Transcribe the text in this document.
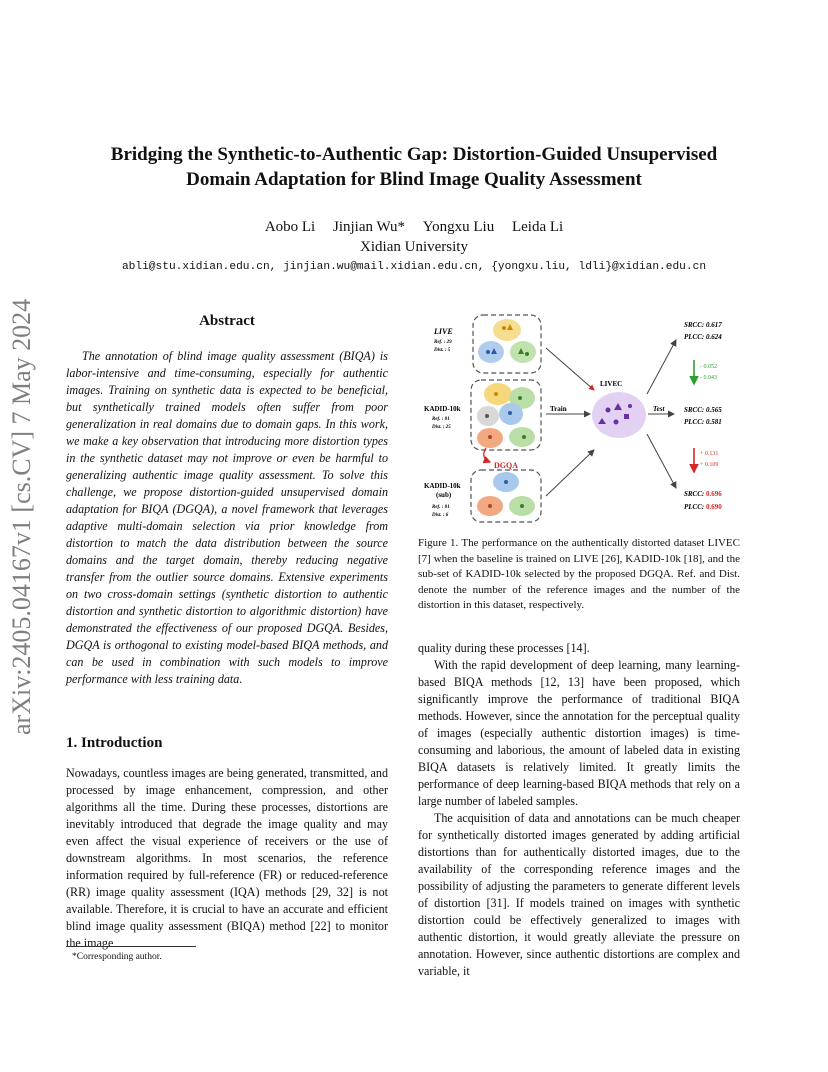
arXiv:2405.04167v1 [cs.CV] 7 May 2024
Bridging the Synthetic-to-Authentic Gap: Distortion-Guided Unsupervised
Domain Adaptation for Blind Image Quality Assessment
Aobo Li Jinjian Wu* Yongxu Liu Leida Li
Xidian University
abli@stu.xidian.edu.cn, jinjian.wu@mail.xidian.edu.cn, {yongxu.liu, ldli}@xidian.edu.cn
Abstract
The annotation of blind image quality assessment (BIQA) is labor-intensive and time-consuming, especially for authentic images. Training on synthetic data is expected to be beneficial, but synthetically trained models often suffer from poor generalization in real domains due to domain gaps. In this work, we make a key observation that introducing more distortion types in the synthetic dataset may not improve or even be harmful to generalizing authentic image quality assessment. To solve this challenge, we propose distortion-guided unsupervised domain adaptation for BIQA (DGQA), a novel framework that leverages adaptive multi-domain selection via prior knowledge from distortion to match the data distribution between the source domains and the target domain, thereby reducing negative transfer from the outlier source domains. Extensive experiments on two cross-domain settings (synthetic distortion to authentic distortion and synthetic distortion to algorithmic distortion) have demonstrated the effectiveness of our proposed DGQA. Besides, DGQA is orthogonal to existing model-based BIQA methods, and can be used in combination with such models to improve performance with less training data.
1. Introduction
Nowadays, countless images are being generated, transmitted, and processed by image enhancement, compression, and other algorithms all the time. During these processes, distortions are inevitably introduced that degrade the image quality and may even affect the visual experience of receivers or the use of downstream algorithms. In most scenarios, the reference information required by full-reference (FR) or reduced-reference (RR) image quality assessment (IQA) methods [29, 32] is not available. Therefore, it is crucial to have an accurate and efficient blind image quality assessment (BIQA) method [22] to monitor the image
*Corresponding author.
LIVE
Ref. : 29
Dist. : 5
KADID-10k
Ref. : 81
Dist. : 25
DGQA
KADID-10k
(sub)
Ref. : 81
Dist. : 6
Train
LIVEC
Test
SRCC: 0.617
PLCC: 0.624
- 0.052
- 0.043
SRCC: 0.565
PLCC: 0.581
+ 0.131
+ 0.109
SRCC: 0.696
PLCC: 0.690
Figure 1. The performance on the authentically distorted dataset LIVEC [7] when the baseline is trained on LIVE [26], KADID-10k [18], and the sub-set of KADID-10k selected by the proposed DGQA. Ref. and Dist. denote the number of the reference images and the number of the distortion in this dataset, respectively.

quality during these processes [14].

With the rapid development of deep learning, many learning-based BIQA methods [12, 13] have been proposed, which significantly improve the performance of traditional BIQA methods. However, since the annotation for the perceptual quality of images (especially authentic distortion images) is time-consuming and laborious, the amount of labeled data in existing BIQA datasets is relatively limited. It greatly limits the performance of deep learning-based BIQA methods that rely on a large number of labeled samples.

The acquisition of data and annotations can be much cheaper for synthetically distorted images generated by adding artificial distortions than for authentically distorted images, due to the availability of the corresponding reference images and the possibility of adjusting the parameters to generate different levels of distortion [31]. If models trained on images with synthetic distortion could be effectively generalized to images with authentic distortion, it would greatly alleviate the pressure on annotation. However, since authentic distortions are complex and variable, it
